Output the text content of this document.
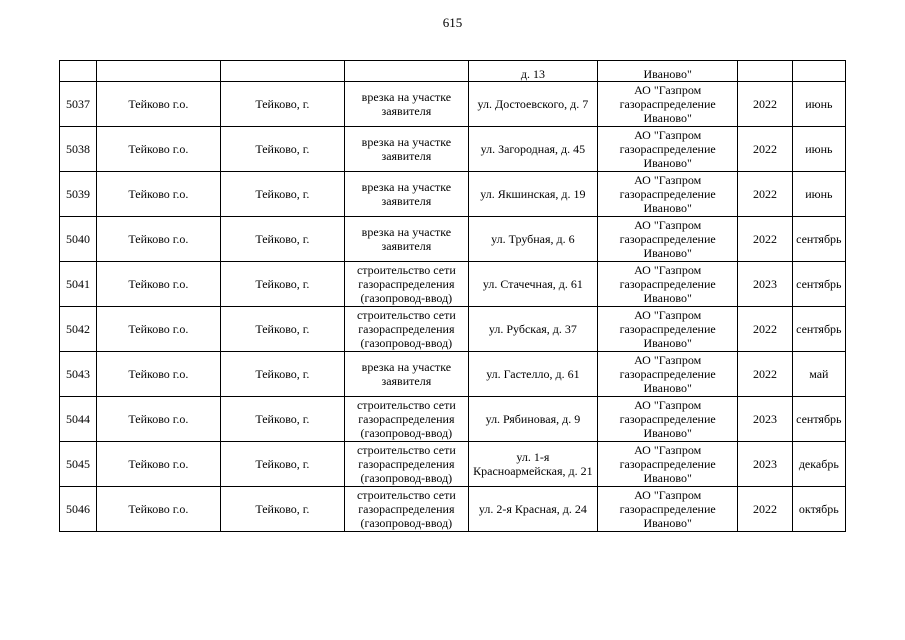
615
				д. 13	Иваново"		
5037	Тейково г.о.	Тейково, г.	врезка на участке заявителя	ул. Достоевского, д. 7	АО "Газпром газораспределение Иваново"	2022	июнь
5038	Тейково г.о.	Тейково, г.	врезка на участке заявителя	ул. Загородная, д. 45	АО "Газпром газораспределение Иваново"	2022	июнь
5039	Тейково г.о.	Тейково, г.	врезка на участке заявителя	ул. Якшинская, д. 19	АО "Газпром газораспределение Иваново"	2022	июнь
5040	Тейково г.о.	Тейково, г.	врезка на участке заявителя	ул. Трубная, д. 6	АО "Газпром газораспределение Иваново"	2022	сентябрь
5041	Тейково г.о.	Тейково, г.	строительство сети газораспределения (газопровод-ввод)	ул. Стачечная, д. 61	АО "Газпром газораспределение Иваново"	2023	сентябрь
5042	Тейково г.о.	Тейково, г.	строительство сети газораспределения (газопровод-ввод)	ул. Рубская, д. 37	АО "Газпром газораспределение Иваново"	2022	сентябрь
5043	Тейково г.о.	Тейково, г.	врезка на участке заявителя	ул. Гастелло, д. 61	АО "Газпром газораспределение Иваново"	2022	май
5044	Тейково г.о.	Тейково, г.	строительство сети газораспределения (газопровод-ввод)	ул. Рябиновая, д. 9	АО "Газпром газораспределение Иваново"	2023	сентябрь
5045	Тейково г.о.	Тейково, г.	строительство сети газораспределения (газопровод-ввод)	ул. 1-я Красноармейская, д. 21	АО "Газпром газораспределение Иваново"	2023	декабрь
5046	Тейково г.о.	Тейково, г.	строительство сети газораспределения (газопровод-ввод)	ул. 2-я Красная, д. 24	АО "Газпром газораспределение Иваново"	2022	октябрь
